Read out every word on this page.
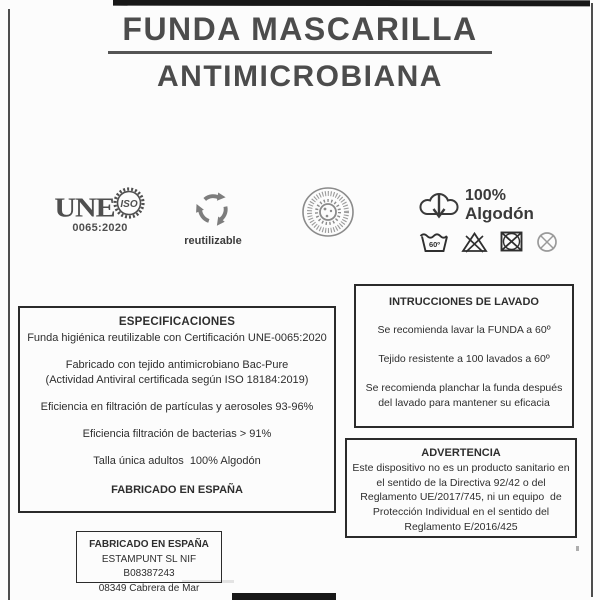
FUNDA MASCARILLA
ANTIMICROBIANA
UNE ISO
0065:2020
reutilizable
100%
Algodón
60º
ESPECIFICACIONES
Funda higiénica reutilizable con Certificación UNE-0065:2020
Fabricado con tejido antimicrobiano Bac-Pure
(Actividad Antiviral certificada según ISO 18184:2019)
Eficiencia en filtración de partículas y aerosoles 93-96%
Eficiencia filtración de bacterias > 91%
Talla única adultos  100% Algodón
FABRICADO EN ESPAÑA
INTRUCCIONES DE LAVADO
Se recomienda lavar la FUNDA a 60º
Tejido resistente a 100 lavados a 60º
Se recomienda planchar la funda después
del lavado para mantener su eficacia
ADVERTENCIA
Este dispositivo no es un producto sanitario en
el sentido de la Directiva 92/42 o del
Reglamento UE/2017/745, ni un equipo  de
Protección Individual en el sentido del
Reglamento E/2016/425
FABRICADO EN ESPAÑA
ESTAMPUNT SL NIF  B08387243
08349 Cabrera de Mar
